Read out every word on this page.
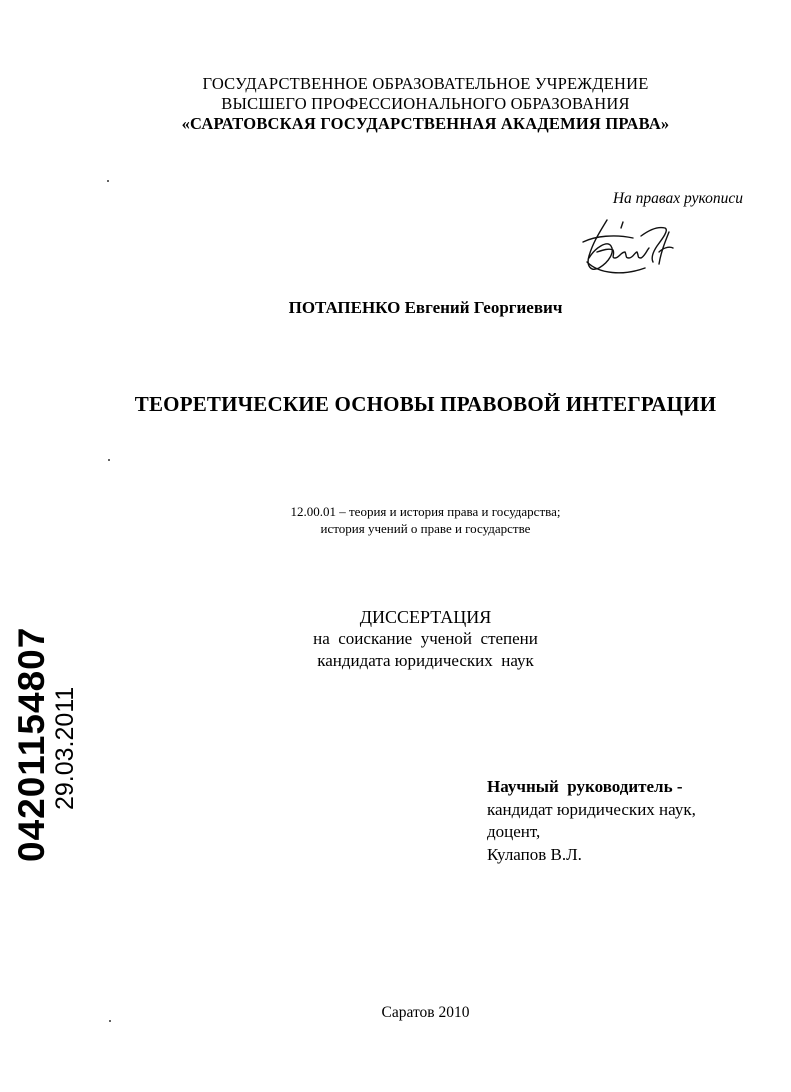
ГОСУДАРСТВЕННОЕ ОБРАЗОВАТЕЛЬНОЕ УЧРЕЖДЕНИЕ
ВЫСШЕГО ПРОФЕССИОНАЛЬНОГО ОБРАЗОВАНИЯ
«САРАТОВСКАЯ ГОСУДАРСТВЕННАЯ АКАДЕМИЯ ПРАВА»
На правах рукописи
ПОТАПЕНКО Евгений Георгиевич
ТЕОРЕТИЧЕСКИЕ ОСНОВЫ ПРАВОВОЙ ИНТЕГРАЦИИ
12.00.01 – теория и история права и государства;
история учений о праве и государстве
ДИССЕРТАЦИЯ
на  соискание  ученой  степени
кандидата юридических  наук
Научный  руководитель -
кандидат юридических наук,
доцент,
Кулапов В.Л.
Саратов 2010
04201154807 29.03.2011
